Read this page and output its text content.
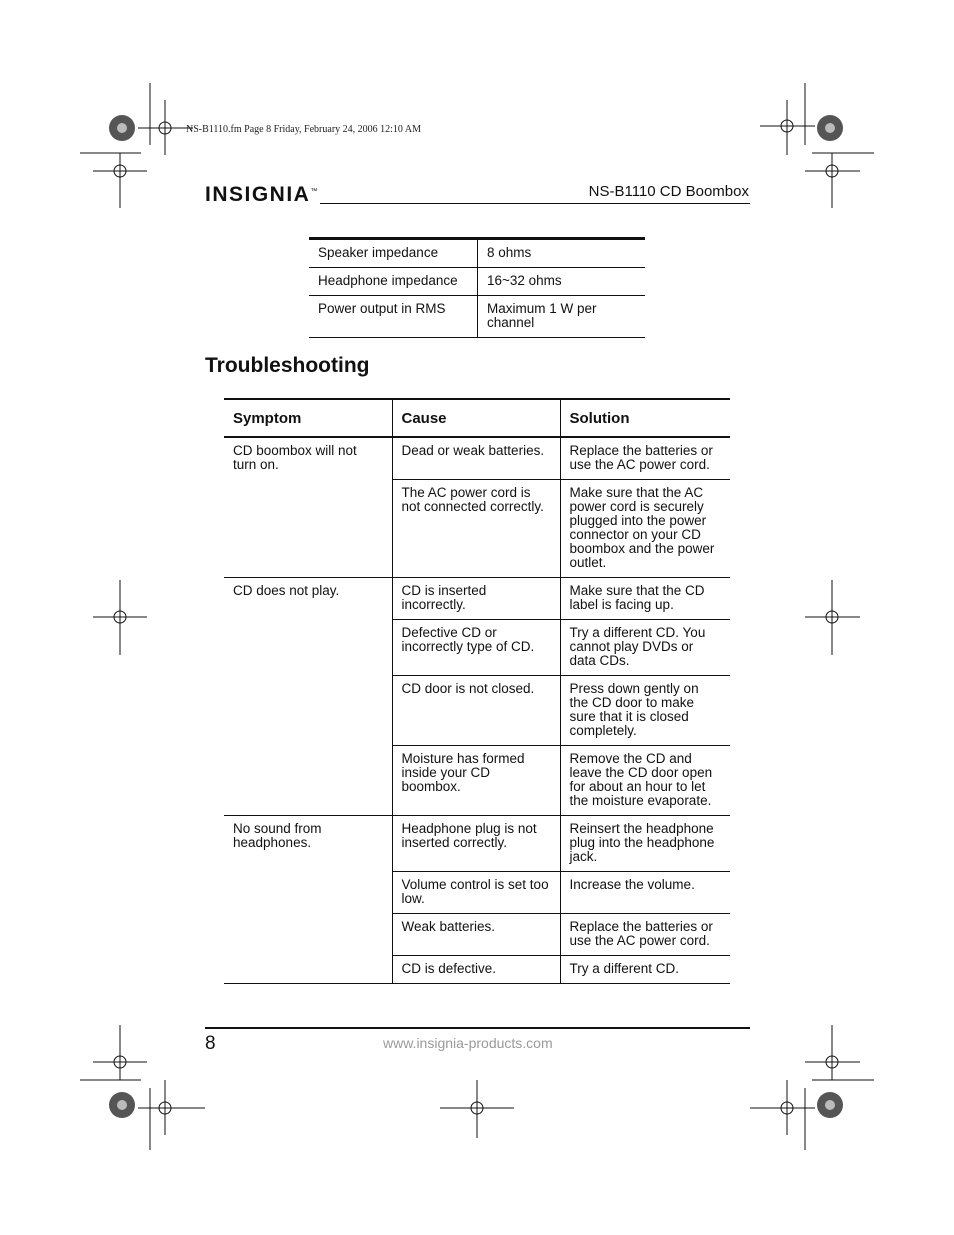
NS-B1110.fm Page 8 Friday, February 24, 2006 12:10 AM
INSIGNIA™	NS-B1110 CD Boombox
Speaker impedance	8 ohms
Headphone impedance	16~32 ohms
Power output in RMS	Maximum 1 W per channel
Troubleshooting
Symptom	Cause	Solution
CD boombox will not turn on.	Dead or weak batteries.	Replace the batteries or use the AC power cord.
	The AC power cord is not connected correctly.	Make sure that the AC power cord is securely plugged into the power connector on your CD boombox and the power outlet.
CD does not play.	CD is inserted incorrectly.	Make sure that the CD label is facing up.
	Defective CD or incorrectly type of CD.	Try a different CD. You cannot play DVDs or data CDs.
	CD door is not closed.	Press down gently on the CD door to make sure that it is closed completely.
	Moisture has formed inside your CD boombox.	Remove the CD and leave the CD door open for about an hour to let the moisture evaporate.
No sound from headphones.	Headphone plug is not inserted correctly.	Reinsert the headphone plug into the headphone jack.
	Volume control is set too low.	Increase the volume.
	Weak batteries.	Replace the batteries or use the AC power cord.
	CD is defective.	Try a different CD.
8	www.insignia-products.com
